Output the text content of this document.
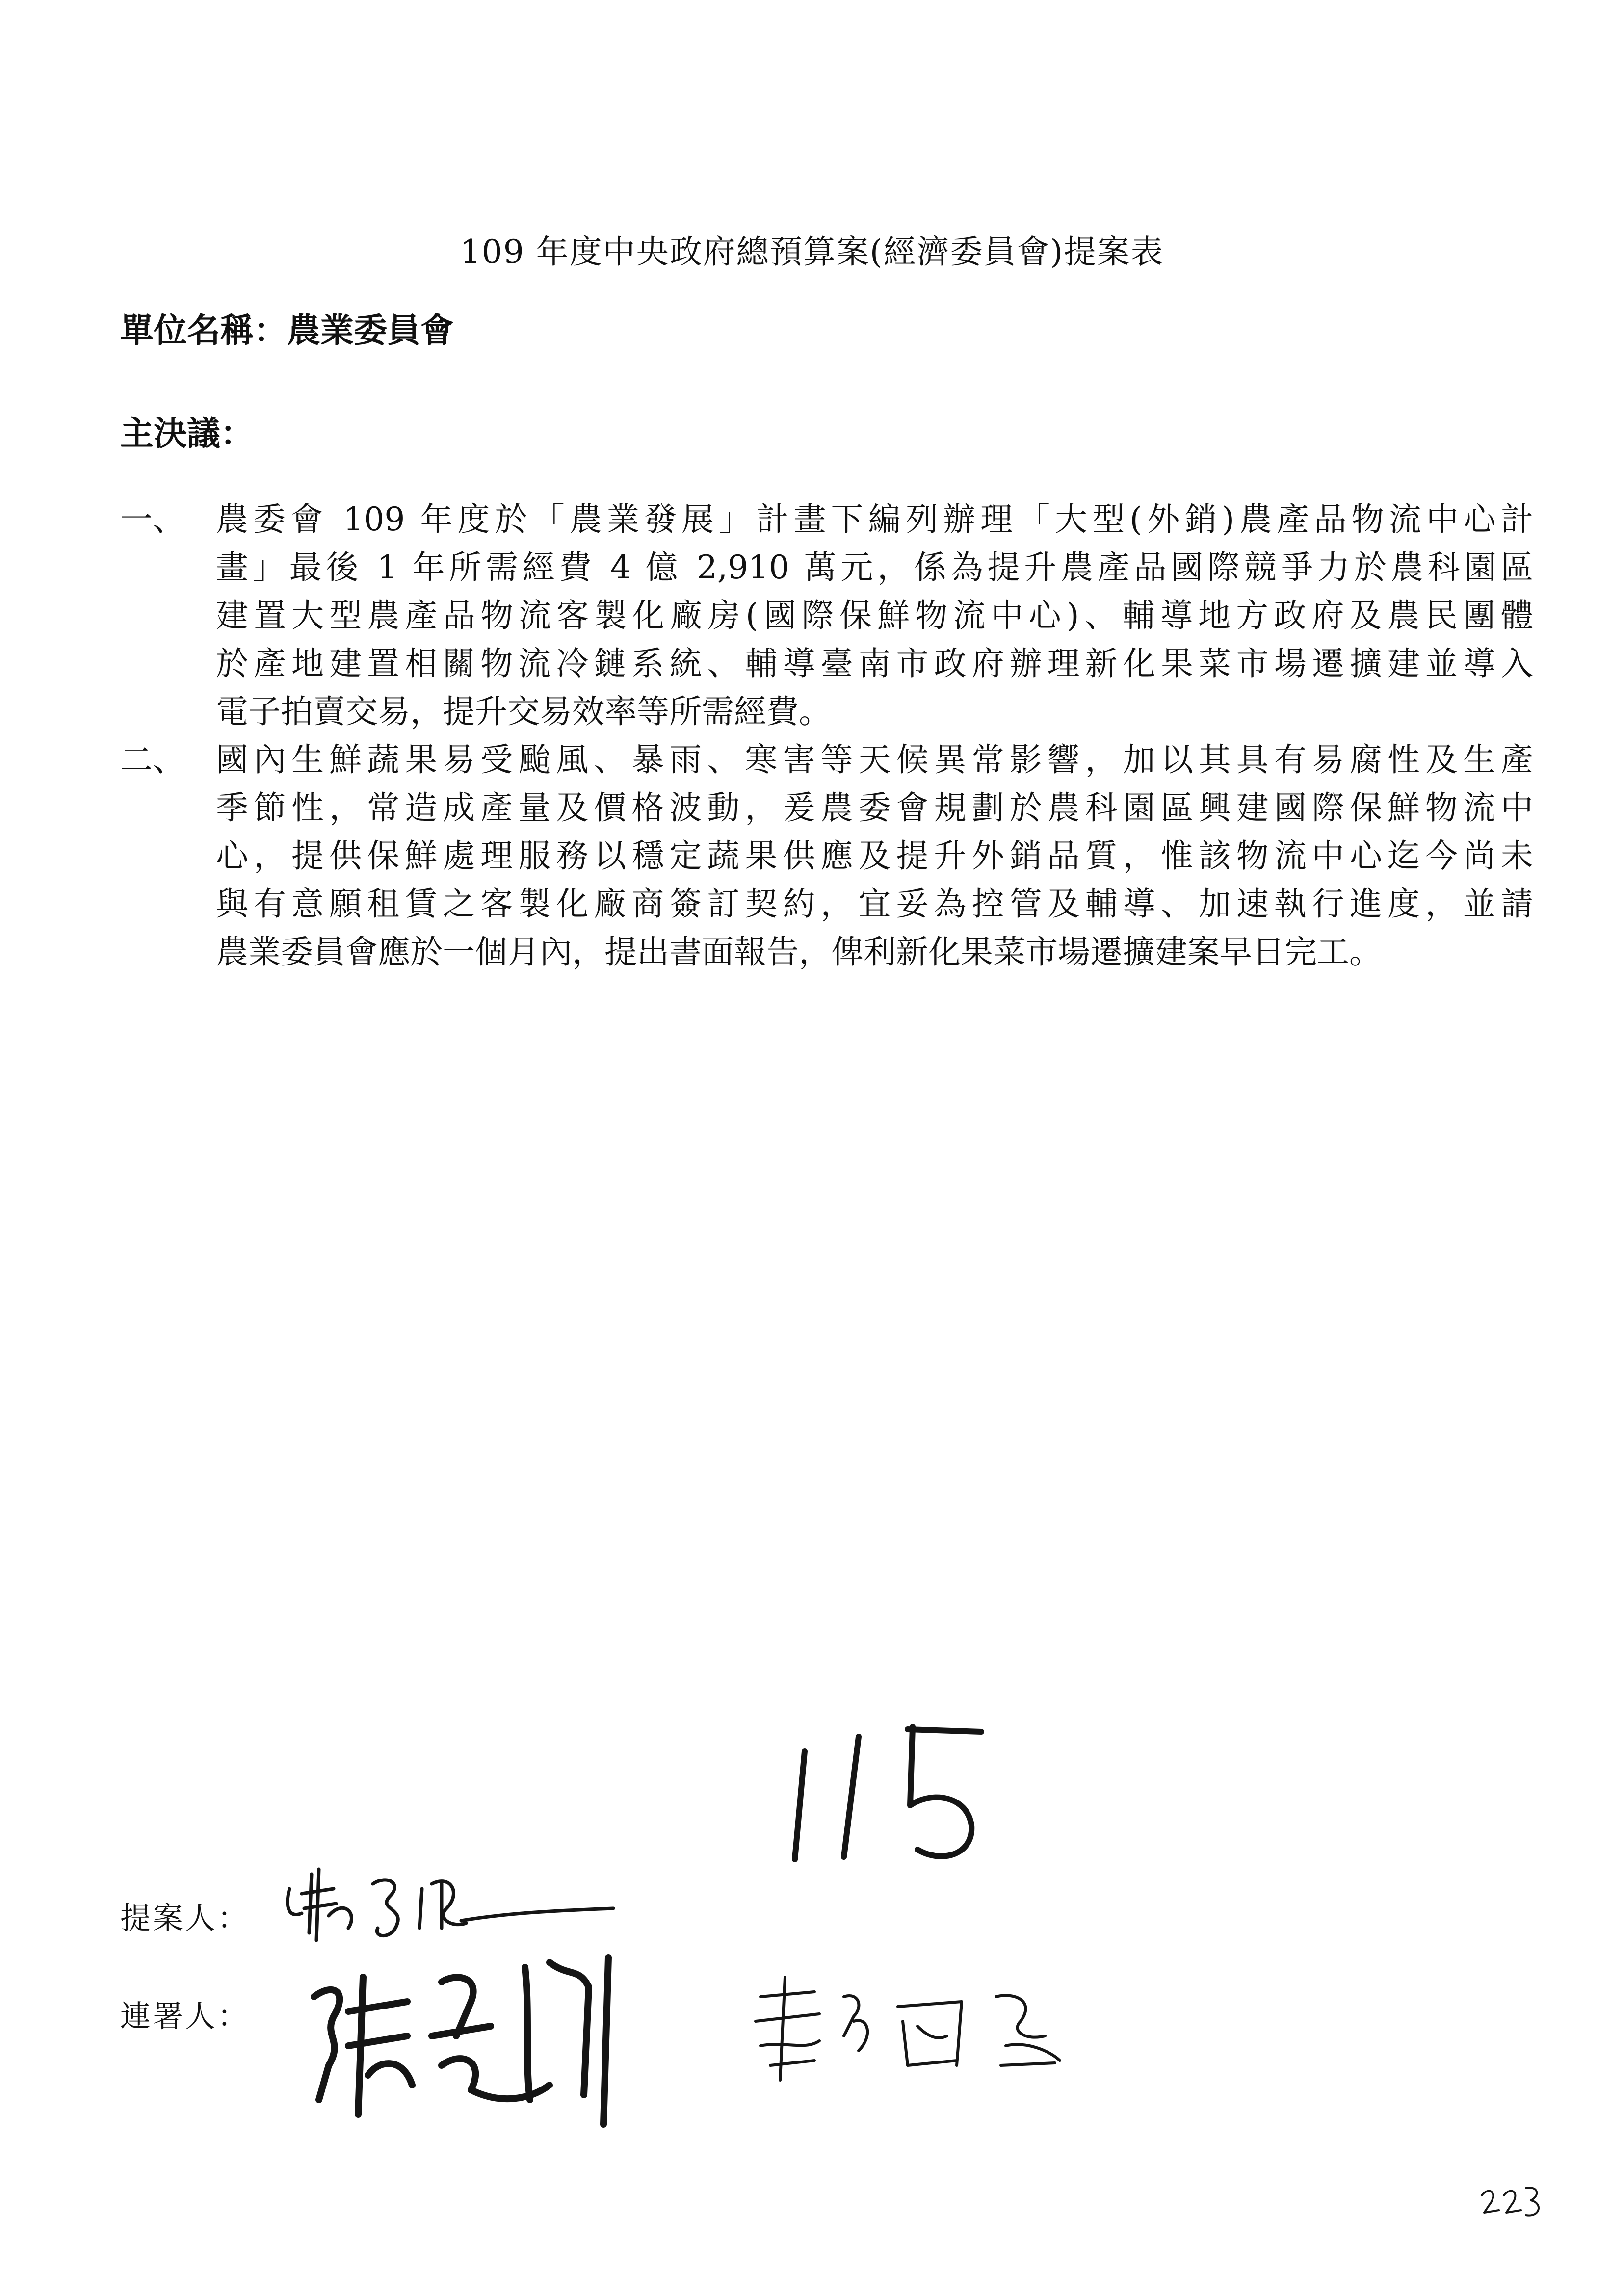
109 年度中央政府總預算案(經濟委員會)提案表
單位名稱：農業委員會
主決議：
一、 農委會 109 年度於「農業發展」計畫下編列辦理「大型(外銷)農產品物流中心計
畫」最後 1 年所需經費 4 億 2,910 萬元，係為提升農產品國際競爭力於農科園區
建置大型農產品物流客製化廠房(國際保鮮物流中心)、輔導地方政府及農民團體
於產地建置相關物流冷鏈系統、輔導臺南市政府辦理新化果菜市場遷擴建並導入
電子拍賣交易，提升交易效率等所需經費。
二、 國內生鮮蔬果易受颱風、暴雨、寒害等天候異常影響，加以其具有易腐性及生產
季節性，常造成產量及價格波動，爰農委會規劃於農科園區興建國際保鮮物流中
心，提供保鮮處理服務以穩定蔬果供應及提升外銷品質，惟該物流中心迄今尚未
與有意願租賃之客製化廠商簽訂契約，宜妥為控管及輔導、加速執行進度，並請
農業委員會應於一個月內，提出書面報告，俾利新化果菜市場遷擴建案早日完工。
提案人：
連署人：
